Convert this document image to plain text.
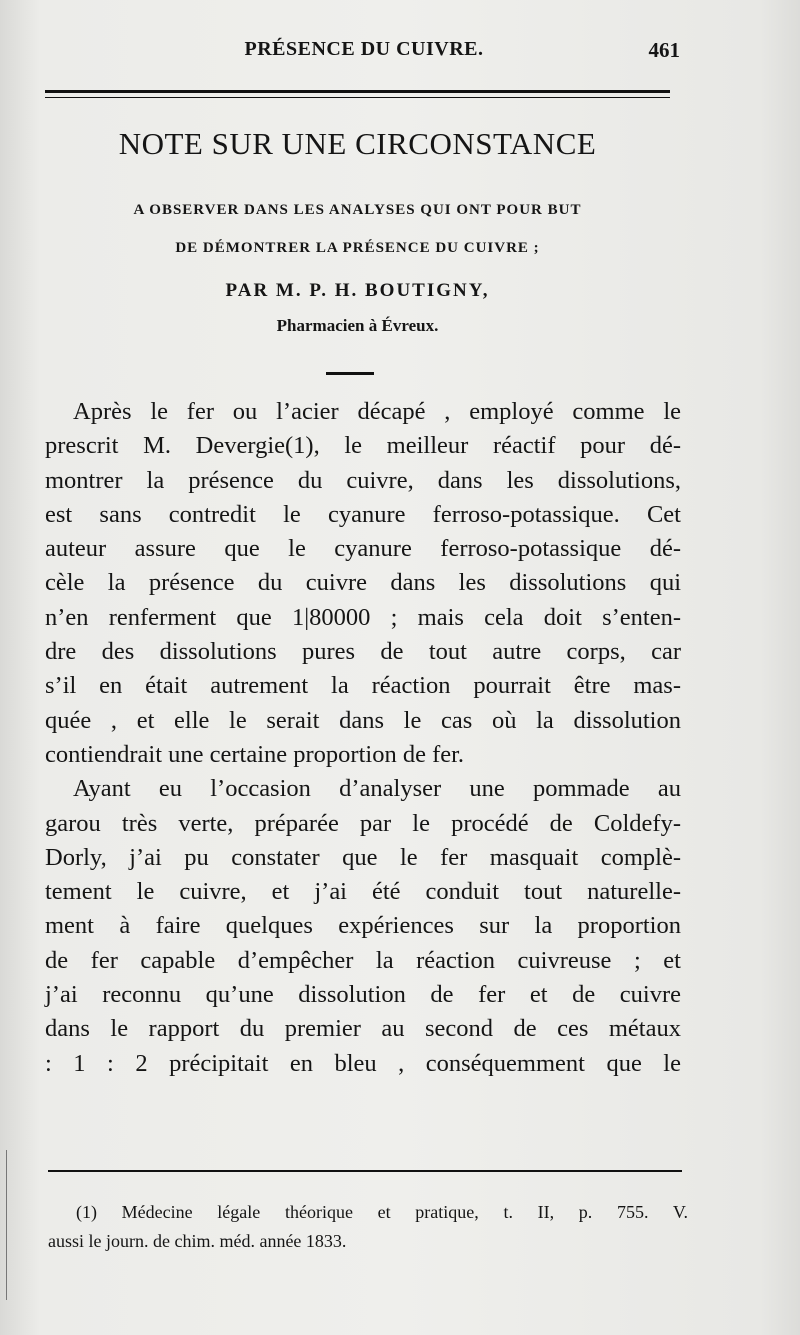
PRÉSENCE DU CUIVRE.	461
NOTE SUR UNE CIRCONSTANCE
A OBSERVER DANS LES ANALYSES QUI ONT POUR BUT
DE DÉMONTRER LA PRÉSENCE DU CUIVRE ;
PAR M. P. H. BOUTIGNY,
Pharmacien à Évreux.
Après le fer ou l’acier décapé , employé comme le
prescrit M. Devergie(1), le meilleur réactif pour dé-
montrer la présence du cuivre, dans les dissolutions,
est sans contredit le cyanure ferroso-potassique. Cet
auteur assure que le cyanure ferroso-potassique dé-
cèle la présence du cuivre dans les dissolutions qui
n’en renferment que 1|80000 ; mais cela doit s’enten-
dre des dissolutions pures de tout autre corps, car
s’il en était autrement la réaction pourrait être mas-
quée , et elle le serait dans le cas où la dissolution
contiendrait une certaine proportion de fer.
Ayant eu l’occasion d’analyser une pommade au
garou très verte, préparée par le procédé de Coldefy-
Dorly, j’ai pu constater que le fer masquait complè-
tement le cuivre, et j’ai été conduit tout naturelle-
ment à faire quelques expériences sur la proportion
de fer capable d’empêcher la réaction cuivreuse ; et
j’ai reconnu qu’une dissolution de fer et de cuivre
dans le rapport du premier au second de ces métaux
: 1 : 2 précipitait en bleu , conséquemment que le
(1) Médecine légale théorique et pratique, t. II, p. 755. V.
aussi le journ. de chim. méd. année 1833.
